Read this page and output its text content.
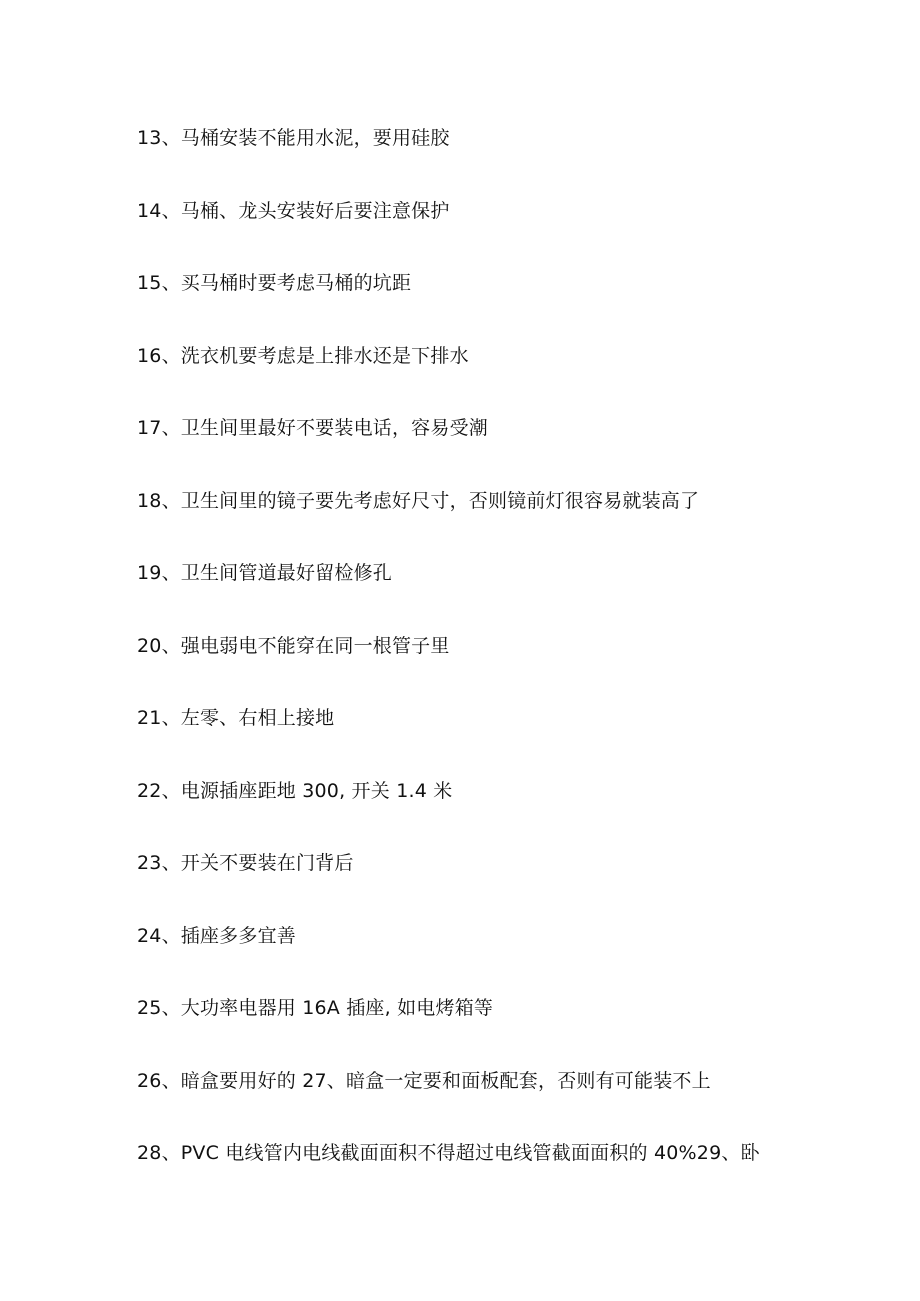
13、马桶安装不能用水泥，要用硅胶
14、马桶、龙头安装好后要注意保护
15、买马桶时要考虑马桶的坑距
16、洗衣机要考虑是上排水还是下排水
17、卫生间里最好不要装电话，容易受潮
18、卫生间里的镜子要先考虑好尺寸，否则镜前灯很容易就装高了
19、卫生间管道最好留检修孔
20、强电弱电不能穿在同一根管子里
21、左零、右相上接地
22、电源插座距地 300, 开关 1.4 米
23、开关不要装在门背后
24、插座多多宜善
25、大功率电器用 16A 插座, 如电烤箱等
26、暗盒要用好的 27、暗盒一定要和面板配套，否则有可能装不上
28、PVC 电线管内电线截面面积不得超过电线管截面面积的 40%29、卧
